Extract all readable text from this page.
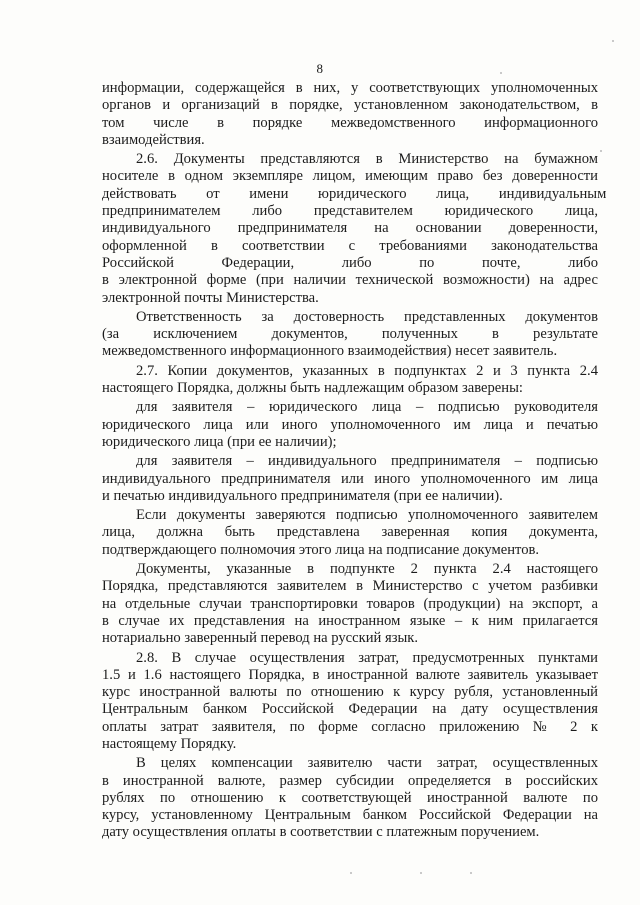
8
информации, содержащейся в них, у соответствующих уполномоченных
органов и организаций в порядке, установленном законодательством, в
том    числе    в    порядке    межведомственного    информационного
взаимодействия.
2.6. Документы представляются в Министерство на бумажном
носителе в одном экземпляре лицом, имеющим право без доверенности
действовать от имени юридического лица, индивидуальным
предпринимателем либо представителем юридического лица,
индивидуального предпринимателя на основании доверенности,
оформленной в соответствии с требованиями законодательства
Российской Федерации, либо по почте, либо
в электронной форме (при наличии технической возможности) на адрес
электронной почты Министерства.
Ответственность за достоверность представленных документов
(за исключением документов, полученных в результате
межведомственного информационного взаимодействия) несет заявитель.
2.7. Копии документов, указанных в подпунктах 2 и 3 пункта 2.4
настоящего Порядка, должны быть надлежащим образом заверены:
для заявителя – юридического лица – подписью руководителя
юридического лица или иного уполномоченного им лица и печатью
юридического лица (при ее наличии);
для заявителя – индивидуального предпринимателя – подписью
индивидуального предпринимателя или иного уполномоченного им лица
и печатью индивидуального предпринимателя (при ее наличии).
Если документы заверяются подписью уполномоченного заявителем
лица, должна быть представлена заверенная копия документа,
подтверждающего полномочия этого лица на подписание документов.
Документы, указанные в подпункте 2 пункта 2.4 настоящего
Порядка, представляются заявителем в Министерство с учетом разбивки
на отдельные случаи транспортировки товаров (продукции) на экспорт, а
в случае их представления на иностранном языке – к ним прилагается
нотариально заверенный перевод на русский язык.
2.8. В случае осуществления затрат, предусмотренных пунктами
1.5 и 1.6 настоящего Порядка, в иностранной валюте заявитель указывает
курс иностранной валюты по отношению к курсу рубля, установленный
Центральным банком Российской Федерации на дату осуществления
оплаты затрат заявителя, по форме согласно приложению № 2 к
настоящему Порядку.
В целях компенсации заявителю части затрат, осуществленных
в иностранной валюте, размер субсидии определяется в российских
рублях по отношению к соответствующей иностранной валюте по
курсу, установленному Центральным банком Российской Федерации на
дату осуществления оплаты в соответствии с платежным поручением.
